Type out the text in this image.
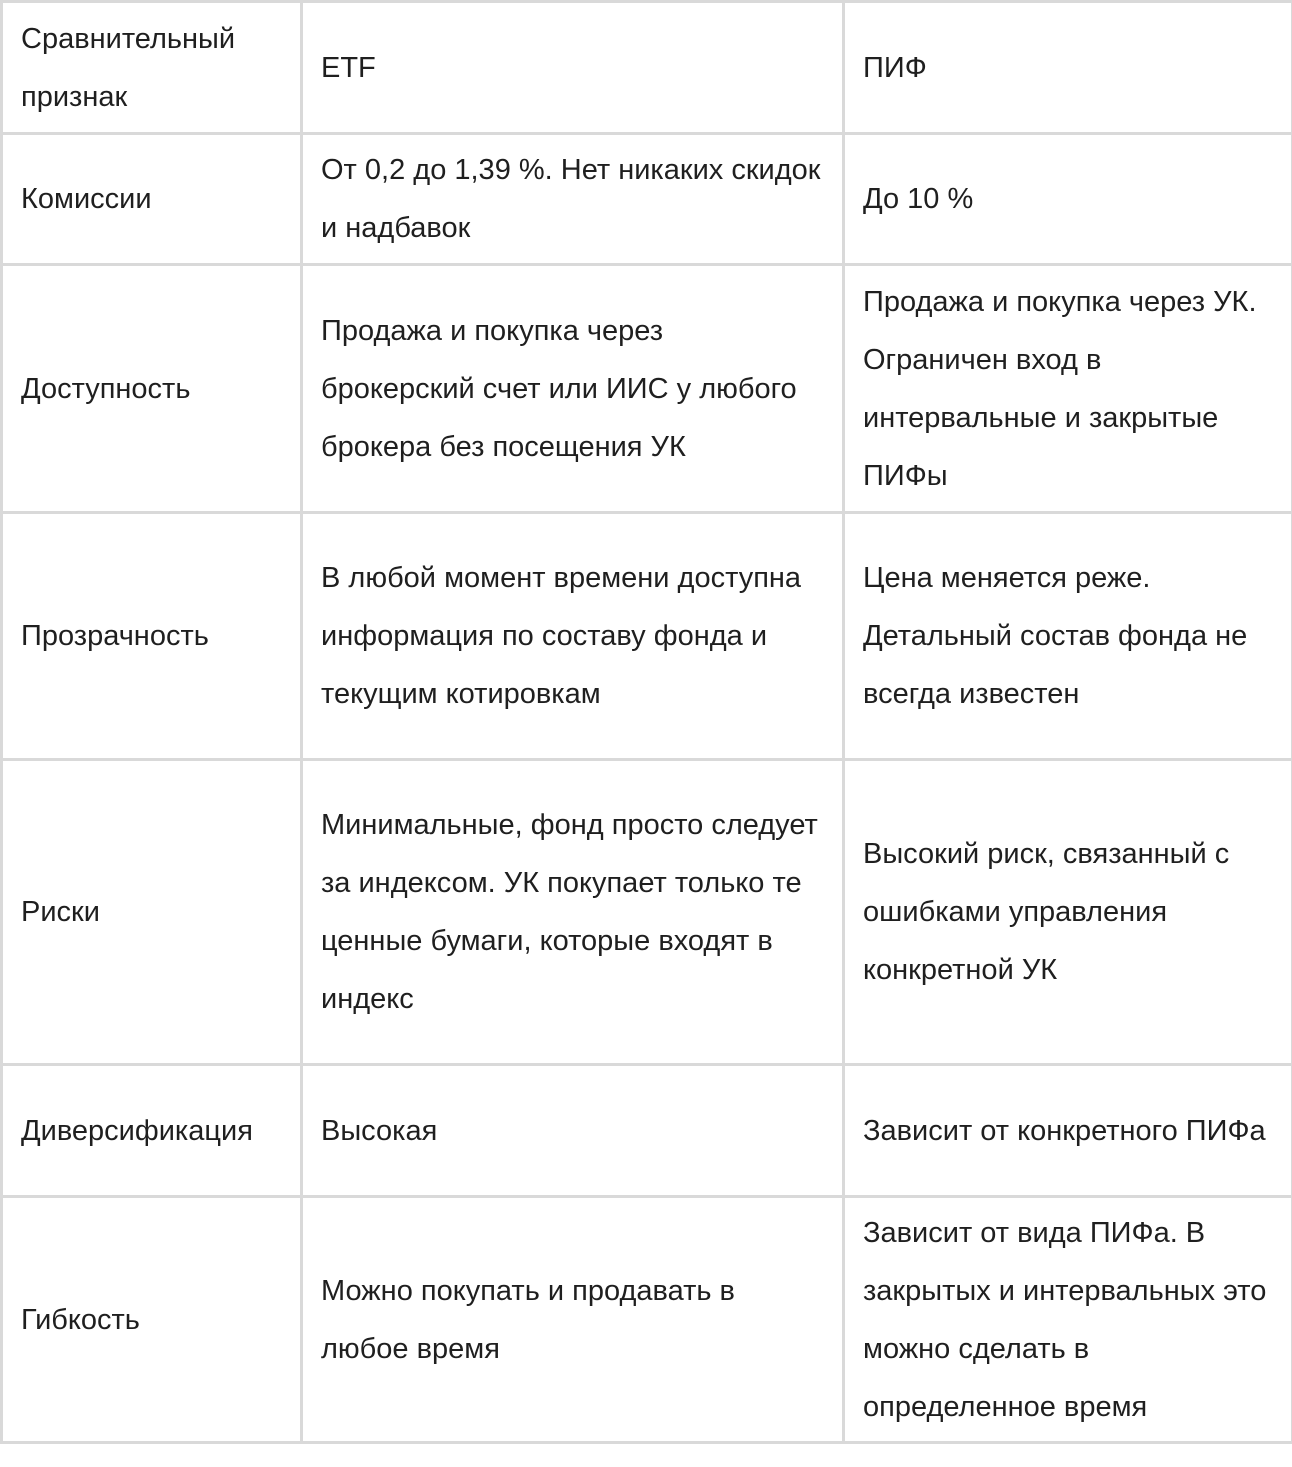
Сравнительный признак	ETF	ПИФ
Комиссии	От 0,2 до 1,39 %. Нет никаких скидок и надбавок	До 10 %
Доступность	Продажа и покупка через брокерский счет или ИИС у любого брокера без посещения УК	Продажа и покупка через УК. Ограничен вход в интервальные и закрытые ПИФы
Прозрачность	В любой момент времени доступна информация по составу фонда и текущим котировкам	Цена меняется реже. Детальный состав фонда не всегда известен
Риски	Минимальные, фонд просто следует за индексом. УК покупает только те ценные бумаги, которые входят в индекс	Высокий риск, связанный с ошибками управления конкретной УК
Диверсификация	Высокая	Зависит от конкретного ПИФа
Гибкость	Можно покупать и продавать в любое время	Зависит от вида ПИФа. В закрытых и интервальных это можно сделать в определенное время
